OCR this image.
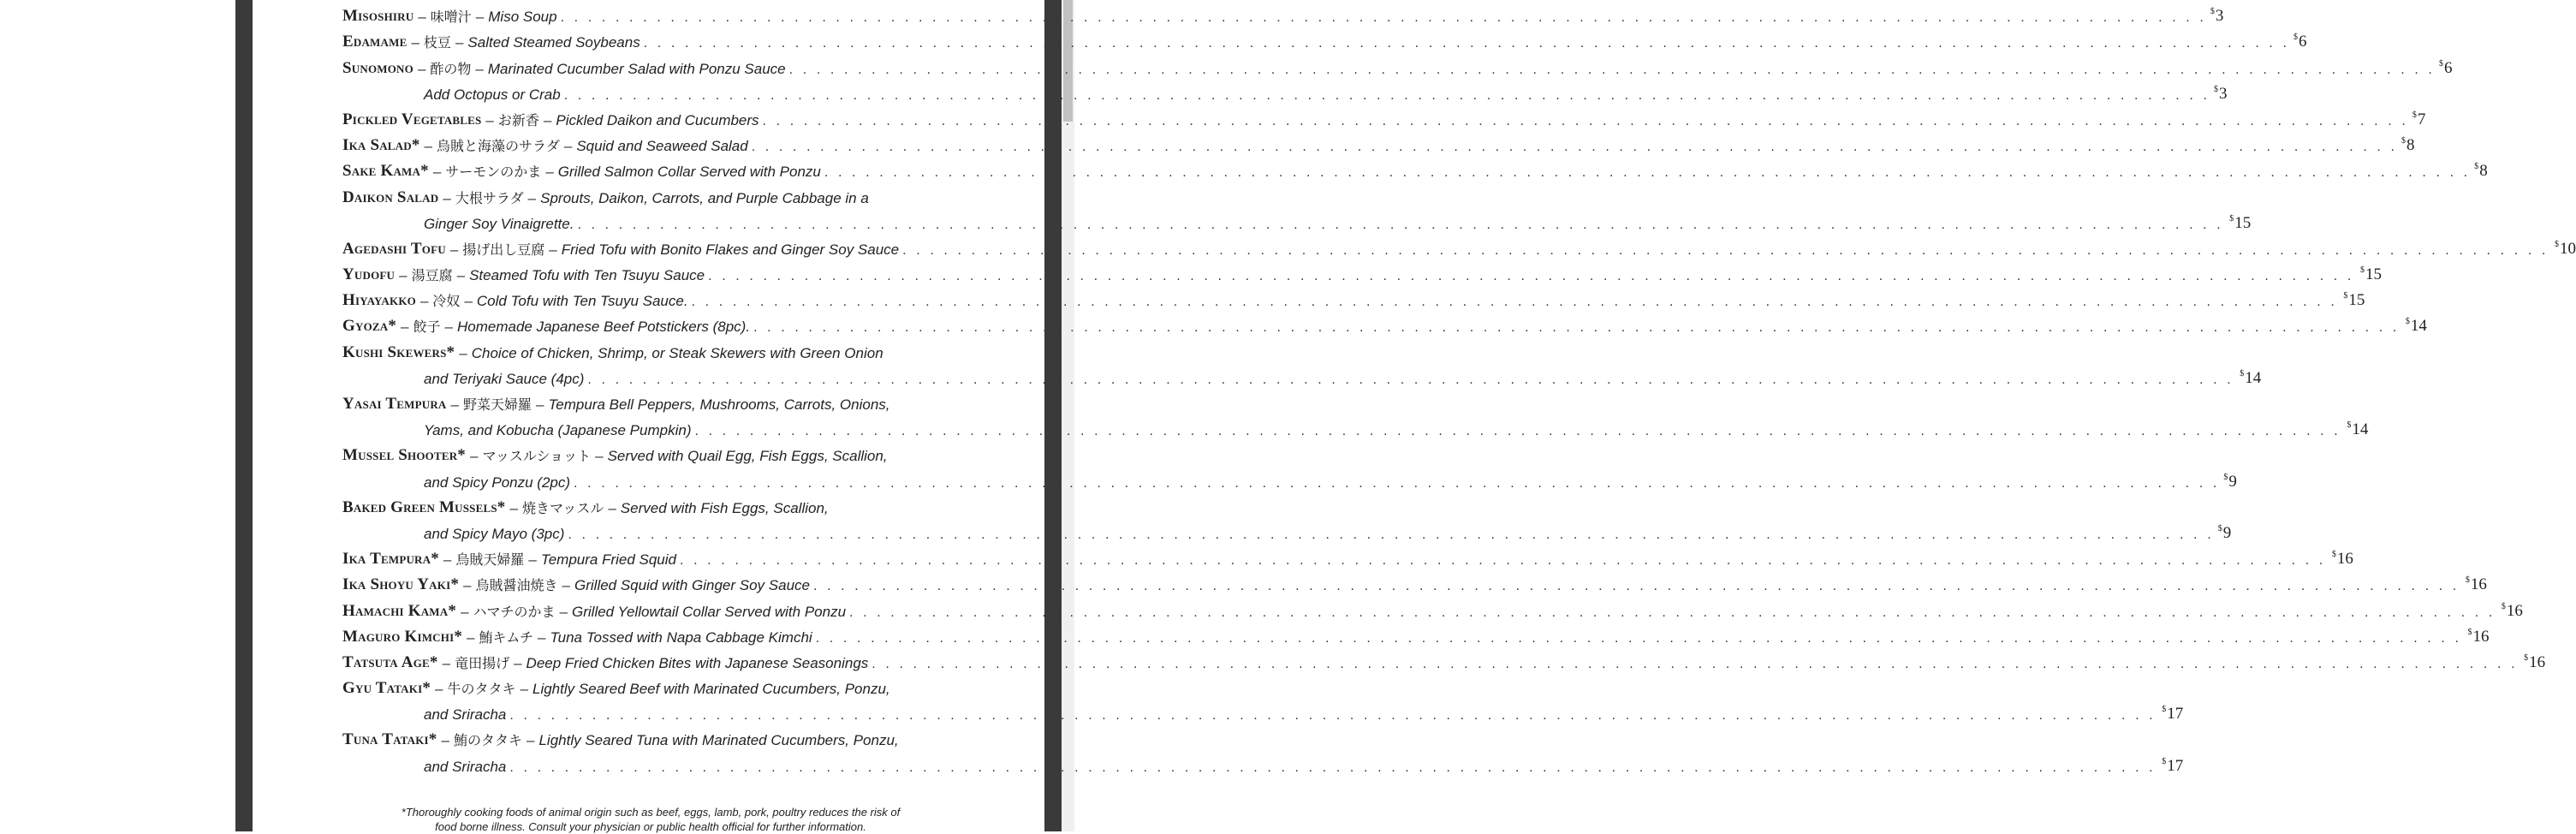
Misoshiru – 味噌汁 – Miso Soup . . . . . . . . . . . . . . . . . . . . . . . . . . . . . . . . . . . . . . . . . . . . . . . . . . . . . . . . . . . . . . . . . . . . . . . . . . . . . . . . . . . . . . . . . . . . . . . . . . . . . . . . . . . . . . . . . . . . . . . . $3
Edamame – 枝豆 – Salted Steamed Soybeans . . . . . . . . . . . . . . . . . . . . . . . . . . . . . . . . . . . . . . . . . . . . . . . . . . . . . . . . . . . . . . . . . . . . . . . . . . . . . . . . . . . . . . . . . . . . . . . . . . . . . . . . . . . . . . . . . . . . . . . . $6
Sunomono – 酢の物 – Marinated Cucumber Salad with Ponzu Sauce . . . . . . . . . . . . . . . . . . . . . . . . . . . . . . . . . . . . . . . . . . . . . . . . . . . . . . . . . . . . . . . . . . . . . . . . . . . . . . . . . . . . . . . . . . . . . . . . . . . . . . . . . . . . . . . . . . . . . . . . $6
Add Octopus or Crab . . . . . . . . . . . . . . . . . . . . . . . . . . . . . . . . . . . . . . . . . . . . . . . . . . . . . . . . . . . . . . . . . . . . . . . . . . . . . . . . . . . . . . . . . . . . . . . . . . . . . . . . . . . . . . . . . . . . . . . . $3
Pickled Vegetables – お新香 – Pickled Daikon and Cucumbers . . . . . . . . . . . . . . . . . . . . . . . . . . . . . . . . . . . . . . . . . . . . . . . . . . . . . . . . . . . . . . . . . . . . . . . . . . . . . . . . . . . . . . . . . . . . . . . . . . . . . . . . . . . . . . . . . . . . . . . . $7
Ika Salad* – 烏賊と海藻のサラダ – Squid and Seaweed Salad . . . . . . . . . . . . . . . . . . . . . . . . . . . . . . . . . . . . . . . . . . . . . . . . . . . . . . . . . . . . . . . . . . . . . . . . . . . . . . . . . . . . . . . . . . . . . . . . . . . . . . . . . . . . . . . . . . . . . . . . $8
Sake Kama* – サーモンのかま – Grilled Salmon Collar Served with Ponzu . . . . . . . . . . . . . . . . . . . . . . . . . . . . . . . . . . . . . . . . . . . . . . . . . . . . . . . . . . . . . . . . . . . . . . . . . . . . . . . . . . . . . . . . . . . . . . . . . . . . . . . . . . . . . . . . . . . . . . . . $8
Daikon Salad – 大根サラダ – Sprouts, Daikon, Carrots, and Purple Cabbage in a
Ginger Soy Vinaigrette. . . . . . . . . . . . . . . . . . . . . . . . . . . . . . . . . . . . . . . . . . . . . . . . . . . . . . . . . . . . . . . . . . . . . . . . . . . . . . . . . . . . . . . . . . . . . . . . . . . . . . . . . . . . . . . . . . . . . . . . . $15
Agedashi Tofu – 揚げ出し豆腐 – Fried Tofu with Bonito Flakes and Ginger Soy Sauce . . . . . . . . . . . . . . . . . . . . . . . . . . . . . . . . . . . . . . . . . . . . . . . . . . . . . . . . . . . . . . . . . . . . . . . . . . . . . . . . . . . . . . . . . . . . . . . . . . . . . . . . . . . . . . . . . . . . . . . . $10
Yudofu – 湯豆腐 – Steamed Tofu with Ten Tsuyu Sauce . . . . . . . . . . . . . . . . . . . . . . . . . . . . . . . . . . . . . . . . . . . . . . . . . . . . . . . . . . . . . . . . . . . . . . . . . . . . . . . . . . . . . . . . . . . . . . . . . . . . . . . . . . . . . . . . . . . . . . . . $15
Hiyayakko – 冷奴 – Cold Tofu with Ten Tsuyu Sauce. . . . . . . . . . . . . . . . . . . . . . . . . . . . . . . . . . . . . . . . . . . . . . . . . . . . . . . . . . . . . . . . . . . . . . . . . . . . . . . . . . . . . . . . . . . . . . . . . . . . . . . . . . . . . . . . . . . . . . . . . $15
Gyoza* – 餃子 – Homemade Japanese Beef Potstickers (8pc). . . . . . . . . . . . . . . . . . . . . . . . . . . . . . . . . . . . . . . . . . . . . . . . . . . . . . . . . . . . . . . . . . . . . . . . . . . . . . . . . . . . . . . . . . . . . . . . . . . . . . . . . . . . . . . . . . . . . . . . . $14
Kushi Skewers* – Choice of Chicken, Shrimp, or Steak Skewers with Green Onion
and Teriyaki Sauce (4pc) . . . . . . . . . . . . . . . . . . . . . . . . . . . . . . . . . . . . . . . . . . . . . . . . . . . . . . . . . . . . . . . . . . . . . . . . . . . . . . . . . . . . . . . . . . . . . . . . . . . . . . . . . . . . . . . . . . . . . . . . $14
Yasai Tempura – 野菜天婦羅 – Tempura Bell Peppers, Mushrooms, Carrots, Onions,
Yams, and Kobucha (Japanese Pumpkin) . . . . . . . . . . . . . . . . . . . . . . . . . . . . . . . . . . . . . . . . . . . . . . . . . . . . . . . . . . . . . . . . . . . . . . . . . . . . . . . . . . . . . . . . . . . . . . . . . . . . . . . . . . . . . . . . . . . . . . . . $14
Mussel Shooter* – マッスルショット – Served with Quail Egg, Fish Eggs, Scallion,
and Spicy Ponzu (2pc) . . . . . . . . . . . . . . . . . . . . . . . . . . . . . . . . . . . . . . . . . . . . . . . . . . . . . . . . . . . . . . . . . . . . . . . . . . . . . . . . . . . . . . . . . . . . . . . . . . . . . . . . . . . . . . . . . . . . . . . . $9
Baked Green Mussels* – 焼きマッスル – Served with Fish Eggs, Scallion,
and Spicy Mayo (3pc) . . . . . . . . . . . . . . . . . . . . . . . . . . . . . . . . . . . . . . . . . . . . . . . . . . . . . . . . . . . . . . . . . . . . . . . . . . . . . . . . . . . . . . . . . . . . . . . . . . . . . . . . . . . . . . . . . . . . . . . . $9
Ika Tempura* – 烏賊天婦羅 – Tempura Fried Squid . . . . . . . . . . . . . . . . . . . . . . . . . . . . . . . . . . . . . . . . . . . . . . . . . . . . . . . . . . . . . . . . . . . . . . . . . . . . . . . . . . . . . . . . . . . . . . . . . . . . . . . . . . . . . . . . . . . . . . . . $16
Ika Shoyu Yaki* – 烏賊醤油焼き – Grilled Squid with Ginger Soy Sauce . . . . . . . . . . . . . . . . . . . . . . . . . . . . . . . . . . . . . . . . . . . . . . . . . . . . . . . . . . . . . . . . . . . . . . . . . . . . . . . . . . . . . . . . . . . . . . . . . . . . . . . . . . . . . . . . . . . . . . . . $16
Hamachi Kama* – ハマチのかま – Grilled Yellowtail Collar Served with Ponzu . . . . . . . . . . . . . . . . . . . . . . . . . . . . . . . . . . . . . . . . . . . . . . . . . . . . . . . . . . . . . . . . . . . . . . . . . . . . . . . . . . . . . . . . . . . . . . . . . . . . . . . . . . . . . . . . . . . . . . . . $16
Maguro Kimchi* – 鮪キムチ – Tuna Tossed with Napa Cabbage Kimchi . . . . . . . . . . . . . . . . . . . . . . . . . . . . . . . . . . . . . . . . . . . . . . . . . . . . . . . . . . . . . . . . . . . . . . . . . . . . . . . . . . . . . . . . . . . . . . . . . . . . . . . . . . . . . . . . . . . . . . . . $16
Tatsuta Age* – 竜田揚げ – Deep Fried Chicken Bites with Japanese Seasonings . . . . . . . . . . . . . . . . . . . . . . . . . . . . . . . . . . . . . . . . . . . . . . . . . . . . . . . . . . . . . . . . . . . . . . . . . . . . . . . . . . . . . . . . . . . . . . . . . . . . . . . . . . . . . . . . . . . . . . . . $16
Gyu Tataki* – 牛のタタキ – Lightly Seared Beef with Marinated Cucumbers, Ponzu,
and Sriracha . . . . . . . . . . . . . . . . . . . . . . . . . . . . . . . . . . . . . . . . . . . . . . . . . . . . . . . . . . . . . . . . . . . . . . . . . . . . . . . . . . . . . . . . . . . . . . . . . . . . . . . . . . . . . . . . . . . . . . . . $17
Tuna Tataki* – 鮪のタタキ – Lightly Seared Tuna with Marinated Cucumbers, Ponzu,
and Sriracha . . . . . . . . . . . . . . . . . . . . . . . . . . . . . . . . . . . . . . . . . . . . . . . . . . . . . . . . . . . . . . . . . . . . . . . . . . . . . . . . . . . . . . . . . . . . . . . . . . . . . . . . . . . . . . . . . . . . . . . . $17
*Thoroughly cooking foods of animal origin such as beef, eggs, lamb, pork, poultry reduces the risk of
food borne illness. Consult your physician or public health official for further information.
